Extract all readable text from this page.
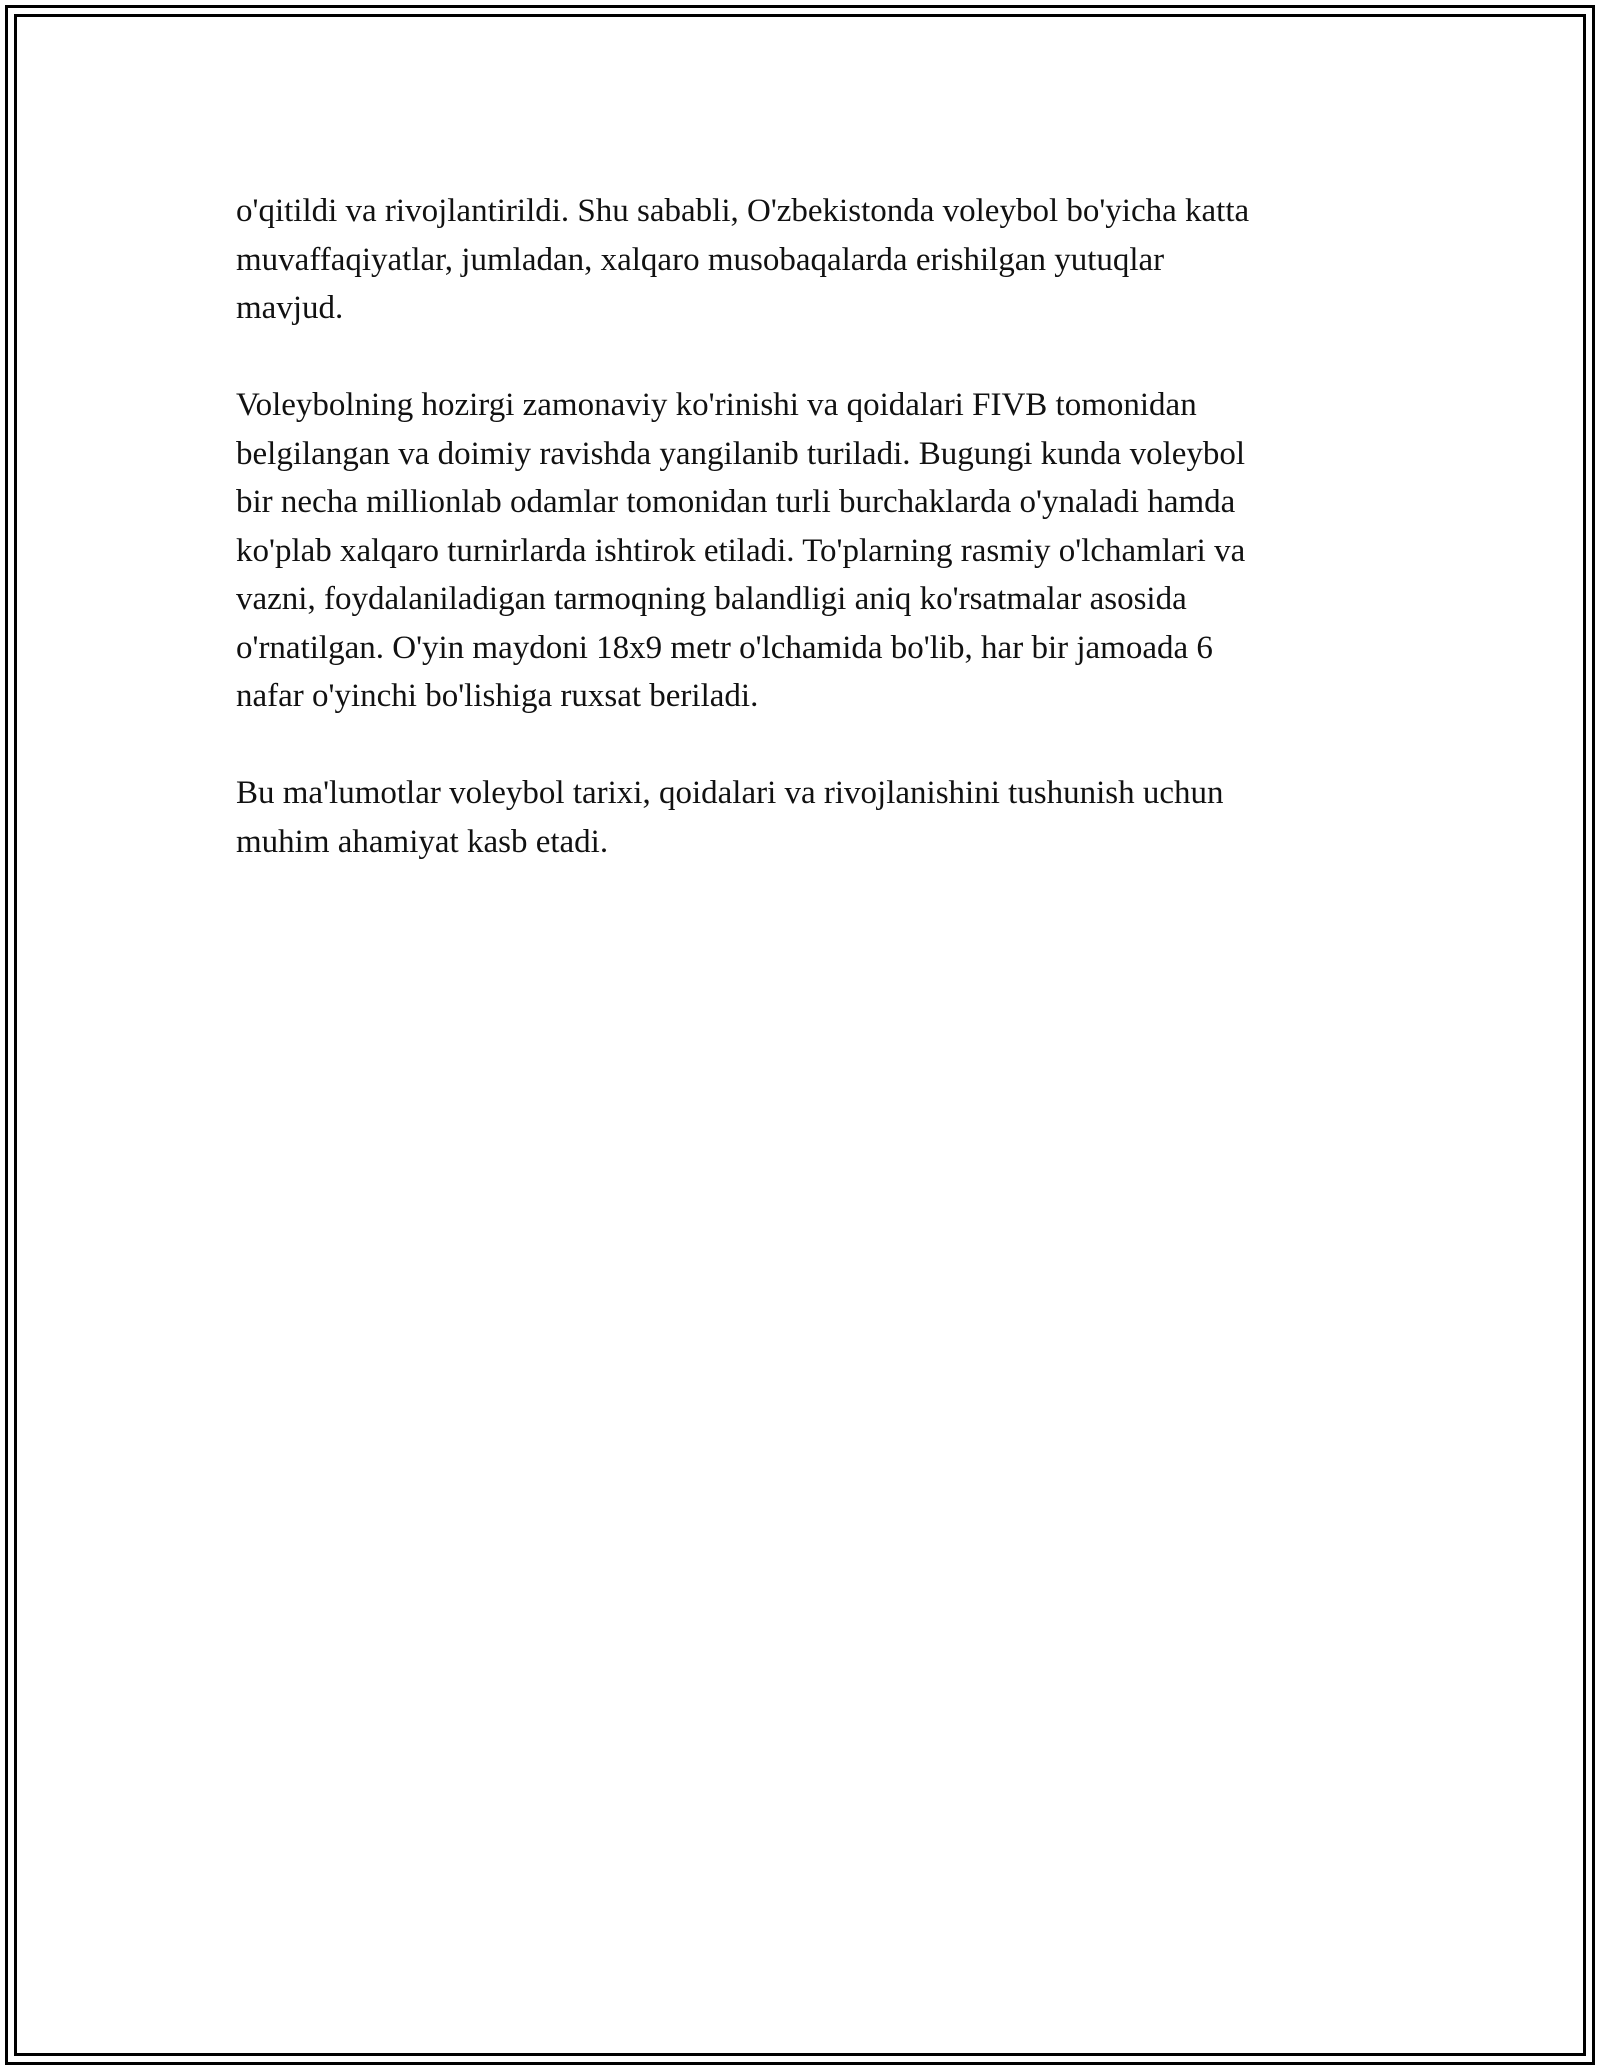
o'qitildi va rivojlantirildi. Shu sababli, O'zbekistonda voleybol bo'yicha katta
muvaffaqiyatlar, jumladan, xalqaro musobaqalarda erishilgan yutuqlar
mavjud.

Voleybolning hozirgi zamonaviy ko'rinishi va qoidalari FIVB tomonidan
belgilangan va doimiy ravishda yangilanib turiladi. Bugungi kunda voleybol
bir necha millionlab odamlar tomonidan turli burchaklarda o'ynaladi hamda
ko'plab xalqaro turnirlarda ishtirok etiladi. To'plarning rasmiy o'lchamlari va
vazni, foydalaniladigan tarmoqning balandligi aniq ko'rsatmalar asosida
o'rnatilgan. O'yin maydoni 18x9 metr o'lchamida bo'lib, har bir jamoada 6
nafar o'yinchi bo'lishiga ruxsat beriladi.

Bu ma'lumotlar voleybol tarixi, qoidalari va rivojlanishini tushunish uchun
muhim ahamiyat kasb etadi.
